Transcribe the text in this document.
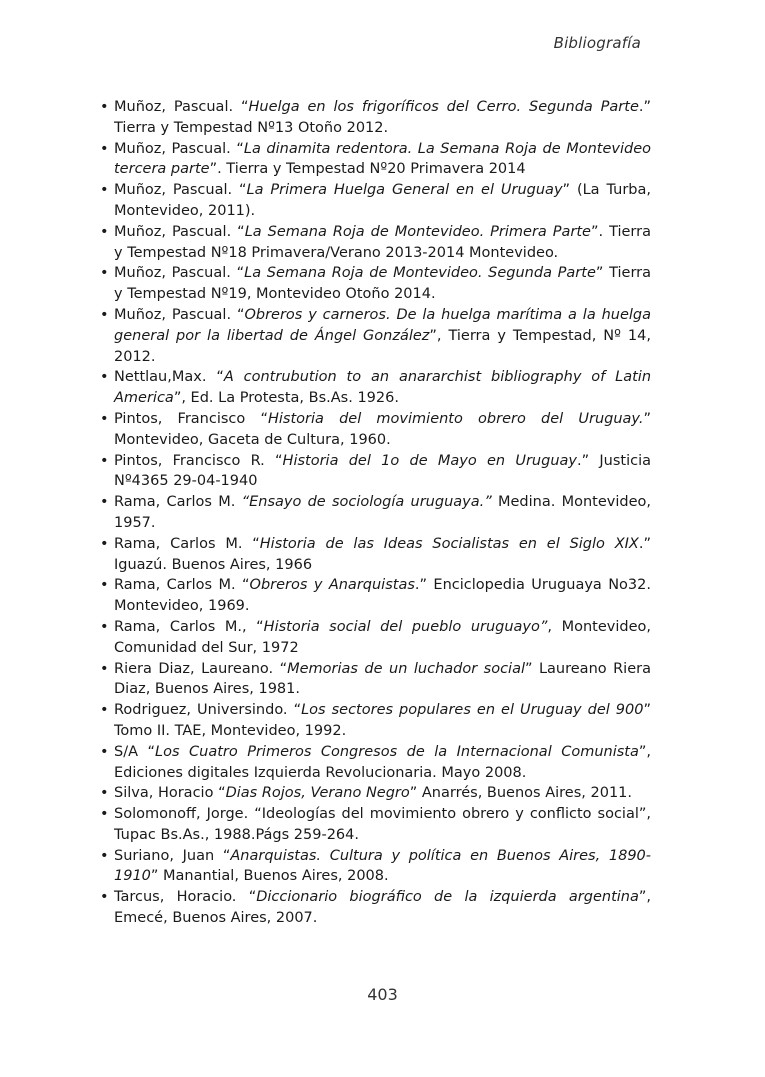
Bibliografía
• Muñoz, Pascual. “Huelga en los frigoríficos del Cerro. Segunda Parte.” Tierra y Tempestad Nº13 Otoño 2012.
• Muñoz, Pascual. “La dinamita redentora. La Semana Roja de Montevideo tercera parte”. Tierra y Tempestad Nº20 Primavera 2014
• Muñoz, Pascual. “La Primera Huelga General en el Uruguay” (La Turba, Montevideo, 2011).
• Muñoz, Pascual. “La Semana Roja de Montevideo. Primera Parte”. Tierra y Tempestad Nº18 Primavera/Verano 2013-2014 Montevideo.
• Muñoz, Pascual. “La Semana Roja de Montevideo. Segunda Parte” Tierra y Tempestad Nº19, Montevideo Otoño 2014.
• Muñoz, Pascual. “Obreros y carneros. De la huelga marítima a la huelga general por la libertad de Ángel González”, Tierra y Tempestad, Nº 14, 2012.
• Nettlau,Max. “A contrubution to an anararchist bibliography of Latin America”, Ed. La Protesta, Bs.As. 1926.
• Pintos, Francisco “Historia del movimiento obrero del Uruguay.” Montevideo, Gaceta de Cultura, 1960.
• Pintos, Francisco R. “Historia del 1o de Mayo en Uruguay.” Justicia Nº4365 29-04-1940
• Rama, Carlos M. “Ensayo de sociología uruguaya.” Medina. Montevideo, 1957.
• Rama, Carlos M. “Historia de las Ideas Socialistas en el Siglo XIX.” Iguazú. Buenos Aires, 1966
• Rama, Carlos M. “Obreros y Anarquistas.” Enciclopedia Uruguaya No32. Montevideo, 1969.
• Rama, Carlos M., “Historia social del pueblo uruguayo”, Montevideo, Comunidad del Sur, 1972
• Riera Diaz, Laureano. “Memorias de un luchador social” Laureano Riera Diaz, Buenos Aires, 1981.
• Rodriguez, Universindo. “Los sectores populares en el Uruguay del 900” Tomo II. TAE, Montevideo, 1992.
• S/A “Los Cuatro Primeros Congresos de la Internacional Comunista”, Ediciones digitales Izquierda Revolucionaria. Mayo 2008.
• Silva, Horacio “Dias Rojos, Verano Negro” Anarrés, Buenos Aires, 2011.
• Solomonoff, Jorge. “Ideologías del movimiento obrero y conflicto social”, Tupac Bs.As., 1988.Págs 259-264.
• Suriano, Juan “Anarquistas. Cultura y política en Buenos Aires, 1890-1910” Manantial, Buenos Aires, 2008.
• Tarcus, Horacio. “Diccionario biográfico de la izquierda argentina”, Emecé, Buenos Aires, 2007.
403
